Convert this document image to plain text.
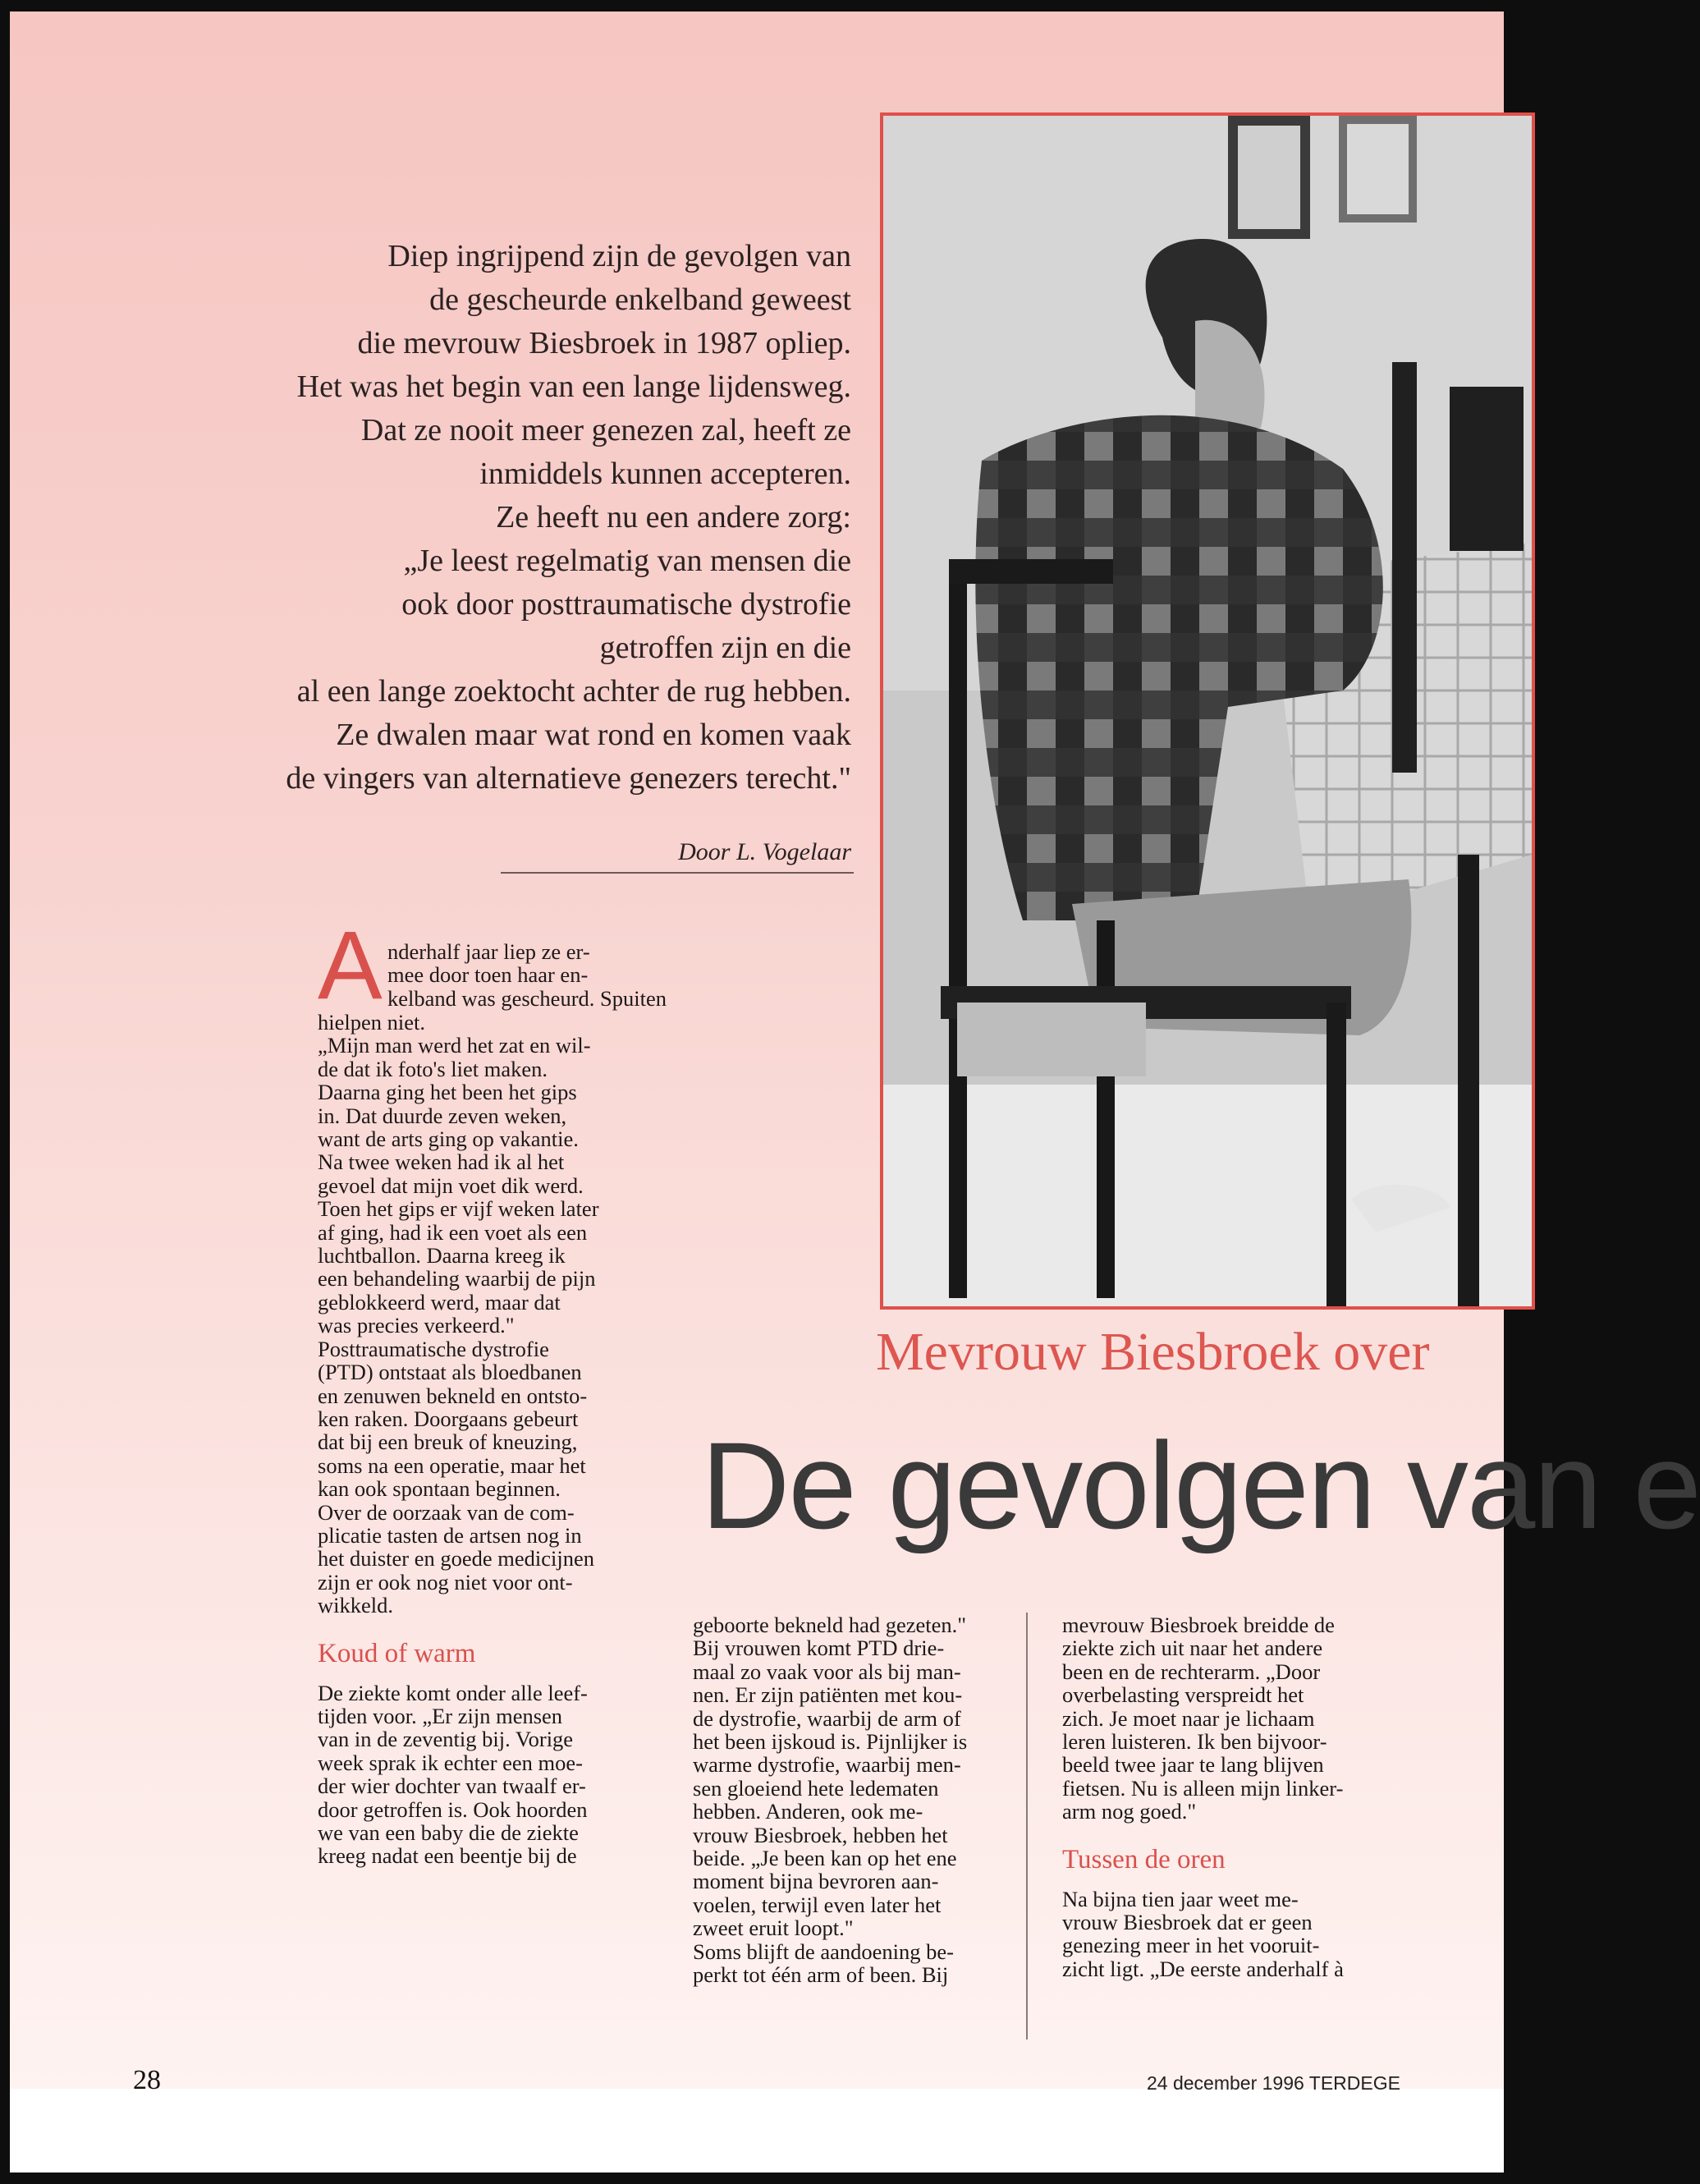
Diep ingrijpend zijn de gevolgen van
de gescheurde enkelband geweest
die mevrouw Biesbroek in 1987 opliep.
Het was het begin van een lange lijdensweg.
Dat ze nooit meer genezen zal, heeft ze
inmiddels kunnen accepteren.
Ze heeft nu een andere zorg:
„Je leest regelmatig van mensen die
ook door posttraumatische dystrofie
getroffen zijn en die
al een lange zoektocht achter de rug hebben.
Ze dwalen maar wat rond en komen vaak
de vingers van alternatieve genezers terecht."
Door L. Vogelaar
Mevrouw Biesbroek over
De gevolgen van e
A nderhalf jaar liep ze er-

mee door toen haar en-

kelband was gescheurd. Spuiten

hielpen niet.

„Mijn man werd het zat en wil-

de dat ik foto's liet maken.

Daarna ging het been het gips

in. Dat duurde zeven weken,

want de arts ging op vakantie.

Na twee weken had ik al het

gevoel dat mijn voet dik werd.

Toen het gips er vijf weken later

af ging, had ik een voet als een

luchtballon. Daarna kreeg ik

een behandeling waarbij de pijn

geblokkeerd werd, maar dat

was precies verkeerd."

Posttraumatische dystrofie

(PTD) ontstaat als bloedbanen

en zenuwen bekneld en ontsto-

ken raken. Doorgaans gebeurt

dat bij een breuk of kneuzing,

soms na een operatie, maar het

kan ook spontaan beginnen.

Over de oorzaak van de com-

plicatie tasten de artsen nog in

het duister en goede medicijnen

zijn er ook nog niet voor ont-

wikkeld.

Koud of warm

De ziekte komt onder alle leef-

tijden voor. „Er zijn mensen

van in de zeventig bij. Vorige

week sprak ik echter een moe-

der wier dochter van twaalf er-

door getroffen is. Ook hoorden

we van een baby die de ziekte

kreeg nadat een beentje bij de

geboorte bekneld had gezeten."

Bij vrouwen komt PTD drie-

maal zo vaak voor als bij man-

nen. Er zijn patiënten met kou-

de dystrofie, waarbij de arm of

het been ijskoud is. Pijnlijker is

warme dystrofie, waarbij men-

sen gloeiend hete ledematen

hebben. Anderen, ook me-

vrouw Biesbroek, hebben het

beide. „Je been kan op het ene

moment bijna bevroren aan-

voelen, terwijl even later het

zweet eruit loopt."

Soms blijft de aandoening be-

perkt tot één arm of been. Bij

mevrouw Biesbroek breidde de

ziekte zich uit naar het andere

been en de rechterarm. „Door

overbelasting verspreidt het

zich. Je moet naar je lichaam

leren luisteren. Ik ben bijvoor-

beeld twee jaar te lang blijven

fietsen. Nu is alleen mijn linker-

arm nog goed."

Tussen de oren

Na bijna tien jaar weet me-

vrouw Biesbroek dat er geen

genezing meer in het vooruit-

zicht ligt. „De eerste anderhalf à

28	24 december 1996 TERDEGE
